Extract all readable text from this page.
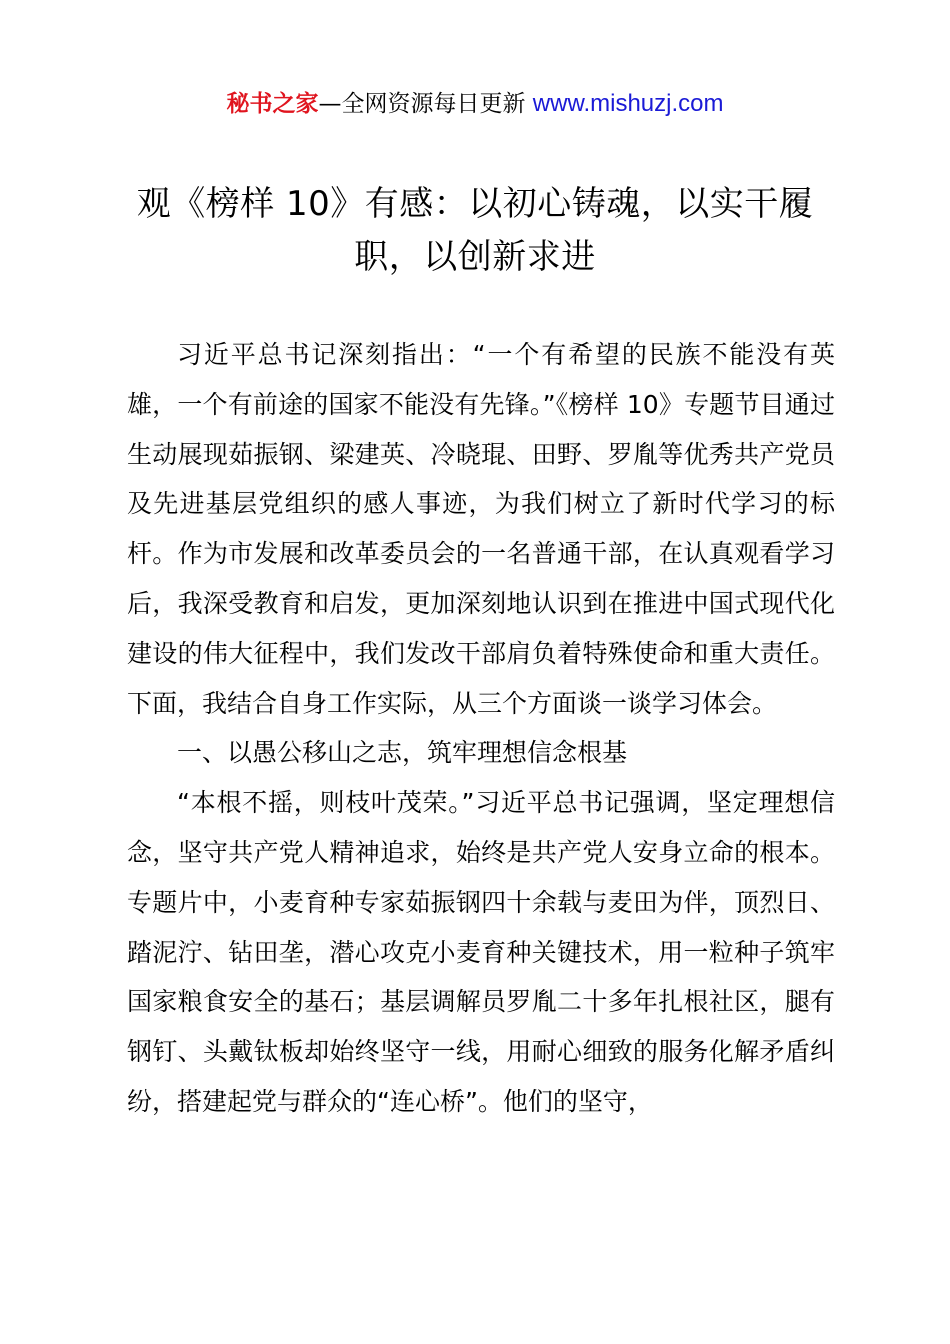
秘书之家—全网资源每日更新 www.mishuzj.com
观《榜样 10》有感：以初心铸魂，以实干履职，以创新求进

习近平总书记深刻指出：“一个有希望的民族不能没有英雄，一个有前途的国家不能没有先锋。”《榜样 10》专题节目通过生动展现茹振钢、梁建英、冷晓琨、田野、罗胤等优秀共产党员及先进基层党组织的感人事迹，为我们树立了新时代学习的标杆。作为市发展和改革委员会的一名普通干部，在认真观看学习后，我深受教育和启发，更加深刻地认识到在推进中国式现代化建设的伟大征程中，我们发改干部肩负着特殊使命和重大责任。下面，我结合自身工作实际，从三个方面谈一谈学习体会。

一、以愚公移山之志，筑牢理想信念根基

“本根不摇，则枝叶茂荣。”习近平总书记强调，坚定理想信念，坚守共产党人精神追求，始终是共产党人安身立命的根本。专题片中，小麦育种专家茹振钢四十余载与麦田为伴，顶烈日、踏泥泞、钻田垄，潜心攻克小麦育种关键技术，用一粒种子筑牢国家粮食安全的基石；基层调解员罗胤二十多年扎根社区，腿有钢钉、头戴钛板却始终坚守一线，用耐心细致的服务化解矛盾纠纷，搭建起党与群众的“连心桥”。他们的坚守，
